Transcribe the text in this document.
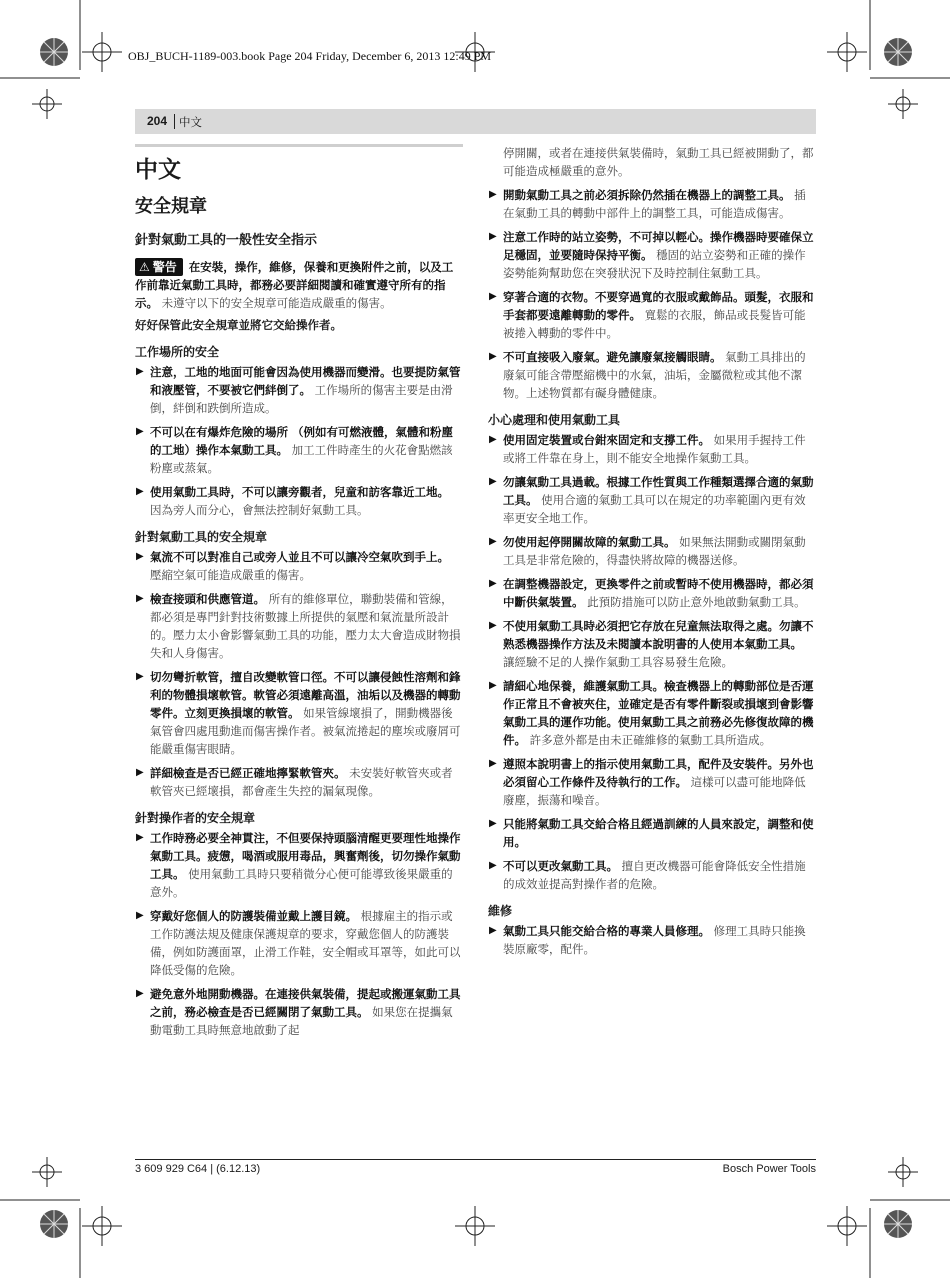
OBJ_BUCH-1189-003.book Page 204 Friday, December 6, 2013 12:49 PM
204 中文
中文
安全規章
針對氣動工具的一般性安全指示
⚠ 警告 在安裝，操作，維修，保養和更換附件之前，以及工作前靠近氣動工具時，都務必要詳細閱讀和確實遵守所有的指示。 未遵守以下的安全規章可能造成嚴重的傷害。
好好保管此安全規章並將它交給操作者。
工作場所的安全
▶ 注意，工地的地面可能會因為使用機器而變滑。也要提防氣管和液壓管，不要被它們絆倒了。 工作場所的傷害主要是由滑倒，絆倒和跌倒所造成。
▶ 不可以在有爆炸危險的場所 （例如有可燃液體，氣體和粉塵的工地）操作本氣動工具。 加工工件時產生的火花會點燃該粉塵或蒸氣。
▶ 使用氣動工具時，不可以讓旁觀者，兒童和訪客靠近工地。 因為旁人而分心，會無法控制好氣動工具。
針對氣動工具的安全規章
▶ 氣流不可以對准自己或旁人並且不可以讓冷空氣吹到手上。 壓縮空氣可能造成嚴重的傷害。
▶ 檢查接頭和供應管道。 所有的維修單位，聯動裝備和管線，都必須是專門針對技術數據上所提供的氣壓和氣流量所設計的。壓力太小會影響氣動工具的功能，壓力太大會造成財物損失和人身傷害。
▶ 切勿彎折軟管，擅自改變軟管口徑。不可以讓侵蝕性溶劑和鋒利的物體損壞軟管。軟管必須遠離高溫，油垢以及機器的轉動零件。立刻更換損壞的軟管。 如果管線壞損了，開動機器後氣管會四處甩動進而傷害操作者。被氣流捲起的塵埃或廢屑可能嚴重傷害眼睛。
▶ 詳細檢查是否已經正確地擰緊軟管夾。 未安裝好軟管夾或者軟管夾已經壞損，都會產生失控的漏氣現像。
針對操作者的安全規章
▶ 工作時務必要全神貫注，不但要保持頭腦清醒更要理性地操作氣動工具。疲憊，喝酒或服用毒品，興奮劑後，切勿操作氣動工具。 使用氣動工具時只要稍微分心便可能導致後果嚴重的意外。
▶ 穿戴好您個人的防護裝備並戴上護目鏡。 根據雇主的指示或工作防護法規及健康保護規章的要求，穿戴您個人的防護裝備，例如防護面罩，止滑工作鞋，安全帽或耳罩等，如此可以降低受傷的危險。
▶ 避免意外地開動機器。在連接供氣裝備，提起或搬運氣動工具之前，務必檢查是否已經關閉了氣動工具。 如果您在提攜氣動電動工具時無意地啟動了起
停開關，或者在連接供氣裝備時，氣動工具已經被開動了，都可能造成極嚴重的意外。
▶ 開動氣動工具之前必須拆除仍然插在機器上的調整工具。 插在氣動工具的轉動中部件上的調整工具，可能造成傷害。
▶ 注意工作時的站立姿勢，不可掉以輕心。操作機器時要確保立足穩固，並要隨時保持平衡。 穩固的站立姿勢和正確的操作姿勢能夠幫助您在突發狀況下及時控制住氣動工具。
▶ 穿著合適的衣物。不要穿過寬的衣服或戴飾品。頭髮，衣服和手套都要遠離轉動的零件。 寬鬆的衣服，飾品或長髮皆可能被捲入轉動的零件中。
▶ 不可直接吸入廢氣。避免讓廢氣接觸眼睛。 氣動工具排出的廢氣可能含帶壓縮機中的水氣，油垢，金屬微粒或其他不潔物。上述物質都有礙身體健康。
小心處理和使用氣動工具
▶ 使用固定裝置或台鉗來固定和支撐工件。 如果用手握持工件或將工件靠在身上，則不能安全地操作氣動工具。
▶ 勿讓氣動工具過載。根據工作性質與工作種類選擇合適的氣動工具。 使用合適的氣動工具可以在規定的功率範圍內更有效率更安全地工作。
▶ 勿使用起停開關故障的氣動工具。 如果無法開動或關閉氣動工具是非常危險的，得盡快將故障的機器送修。
▶ 在調整機器設定，更換零件之前或暫時不使用機器時，都必須中斷供氣裝置。 此預防措施可以防止意外地啟動氣動工具。
▶ 不使用氣動工具時必須把它存放在兒童無法取得之處。勿讓不熟悉機器操作方法及未閱讀本說明書的人使用本氣動工具。 讓經驗不足的人操作氣動工具容易發生危險。
▶ 請細心地保養，維護氣動工具。檢查機器上的轉動部位是否運作正常且不會被夾住，並確定是否有零件斷裂或損壞到會影響氣動工具的運作功能。使用氣動工具之前務必先修復故障的機件。 許多意外都是由未正確維修的氣動工具所造成。
▶ 遵照本說明書上的指示使用氣動工具，配件及安裝件。另外也必須留心工作條件及待執行的工作。 這樣可以盡可能地降低廢塵，振蕩和噪音。
▶ 只能將氣動工具交給合格且經過訓練的人員來設定，調整和使用。
▶ 不可以更改氣動工具。 擅自更改機器可能會降低安全性措施的成效並提高對操作者的危險。
維修
▶ 氣動工具只能交給合格的專業人員修理。 修理工具時只能換裝原廠零，配件。
3 609 929 C64 | (6.12.13)	Bosch Power Tools
